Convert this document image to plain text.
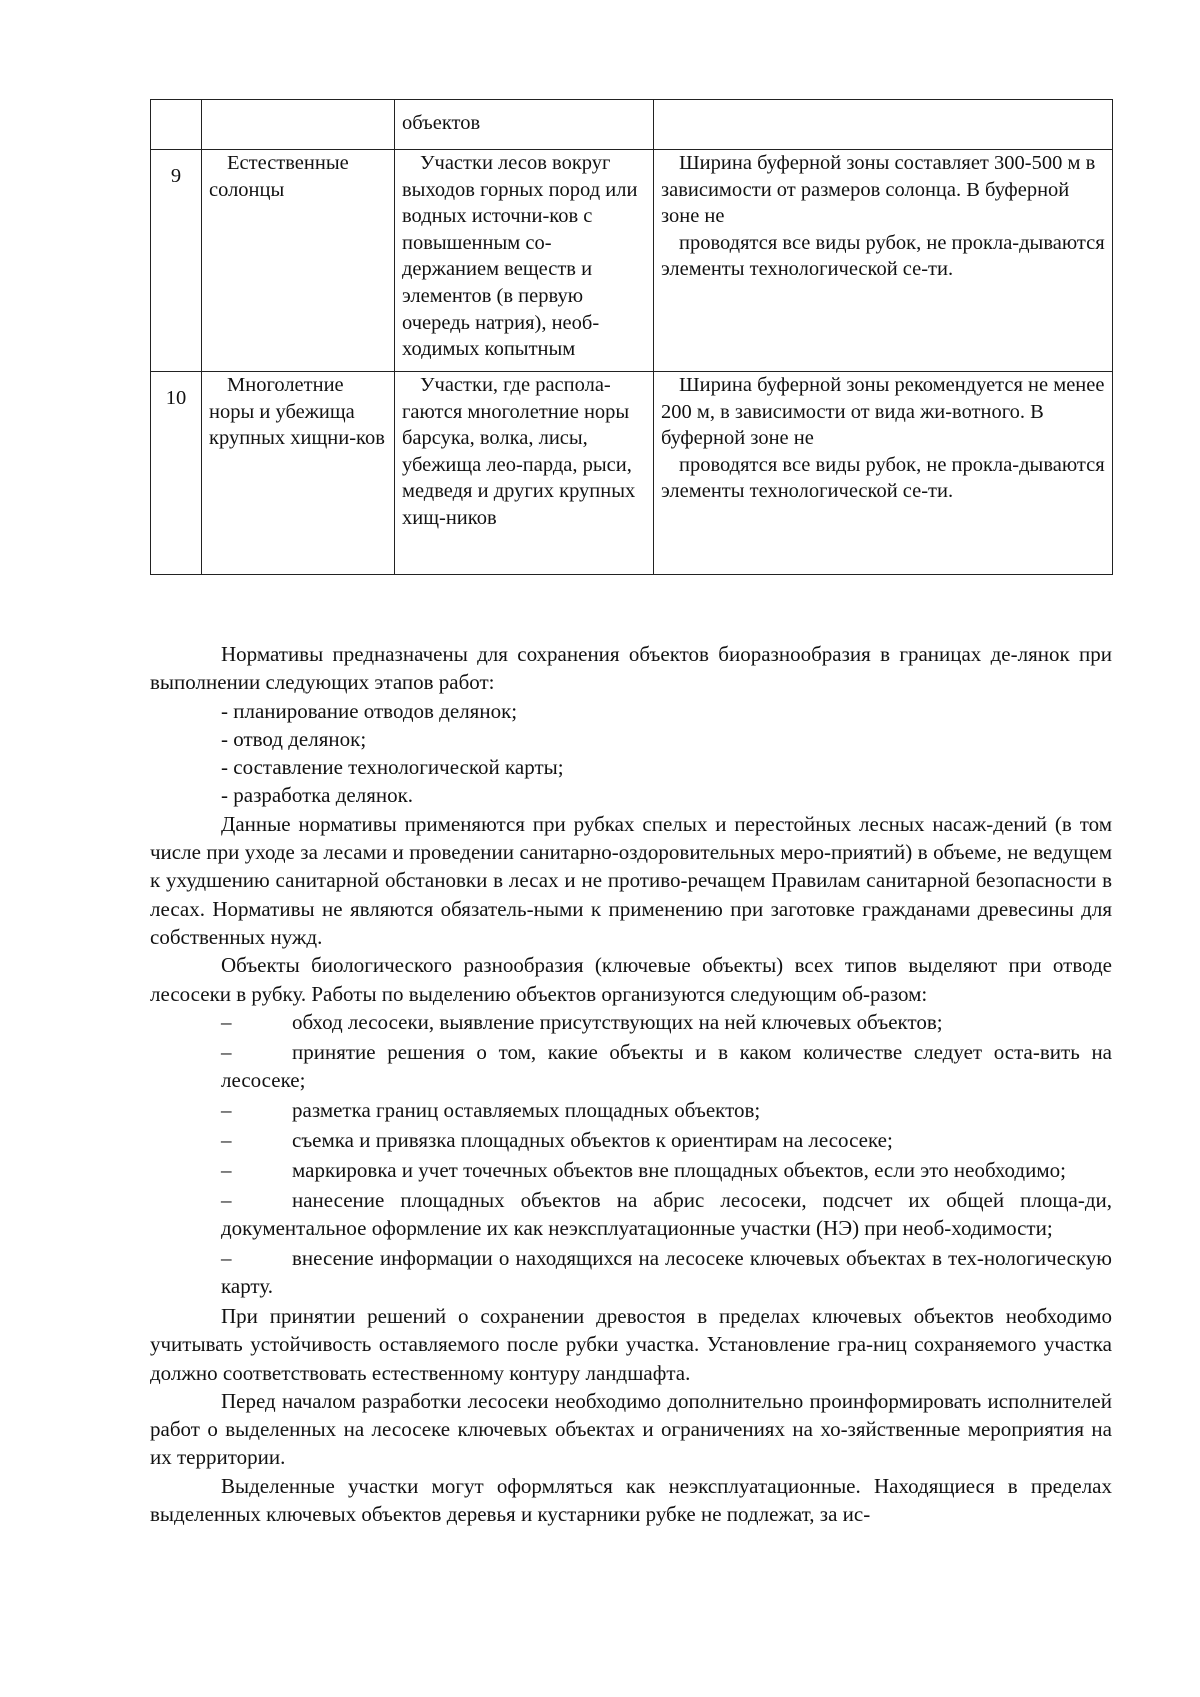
		объектов	

9	Естественные солонцы	Участки лесов вокруг выходов горных пород или водных источни-ков с повышенным со-держанием веществ и элементов (в первую очередь натрия), необ-ходимых копытным	Ширина буферной зоны составляет 300-500 м в зависимости от размеров солонца. В буферной зоне не
проводятся все виды рубок, не прокла-дываются элементы технологической се-ти.

10	Многолетние норы и убежища крупных хищни-ков	Участки, где распола-гаются многолетние норы барсука, волка, лисы, убежища лео-парда, рыси, медведя и других крупных хищ-ников	Ширина буферной зоны рекомендуется не менее 200 м, в зависимости от вида жи-вотного. В буферной зоне не
проводятся все виды рубок, не прокла-дываются элементы технологической се-ти.

Нормативы предназначены для сохранения объектов биоразнообразия в границах де-лянок при выполнении следующих этапов работ:

- планирование отводов делянок;

- отвод делянок;

- составление технологической карты;

- разработка делянок.

Данные нормативы применяются при рубках спелых и перестойных лесных насаж-дений (в том числе при уходе за лесами и проведении санитарно-оздоровительных меро-приятий) в объеме, не ведущем к ухудшению санитарной обстановки в лесах и не противо-речащем Правилам санитарной безопасности в лесах. Нормативы не являются обязатель-ными к применению при заготовке гражданами древесины для собственных нужд.

Объекты биологического разнообразия (ключевые объекты) всех типов выделяют при отводе лесосеки в рубку. Работы по выделению объектов организуются следующим об-разом:

–	обход лесосеки, выявление присутствующих на ней ключевых объектов;

–	принятие решения о том, какие объекты и в каком количестве следует оста-вить на лесосеке;

–	разметка границ оставляемых площадных объектов;

–	съемка и привязка площадных объектов к ориентирам на лесосеке;

–	маркировка и учет точечных объектов вне площадных объектов, если это необходимо;

–	нанесение площадных объектов на абрис лесосеки, подсчет их общей площа-ди, документальное оформление их как неэксплуатационные участки (НЭ) при необ-ходимости;

–	внесение информации о находящихся на лесосеке ключевых объектах в тех-нологическую карту.

При принятии решений о сохранении древостоя в пределах ключевых объектов необходимо учитывать устойчивость оставляемого после рубки участка. Установление гра-ниц сохраняемого участка должно соответствовать естественному контуру ландшафта.

Перед началом разработки лесосеки необходимо дополнительно проинформировать исполнителей работ о выделенных на лесосеке ключевых объектах и ограничениях на хо-зяйственные мероприятия на их территории.

Выделенные участки могут оформляться как неэксплуатационные. Находящиеся в пределах выделенных ключевых объектов деревья и кустарники рубке не подлежат, за ис-
